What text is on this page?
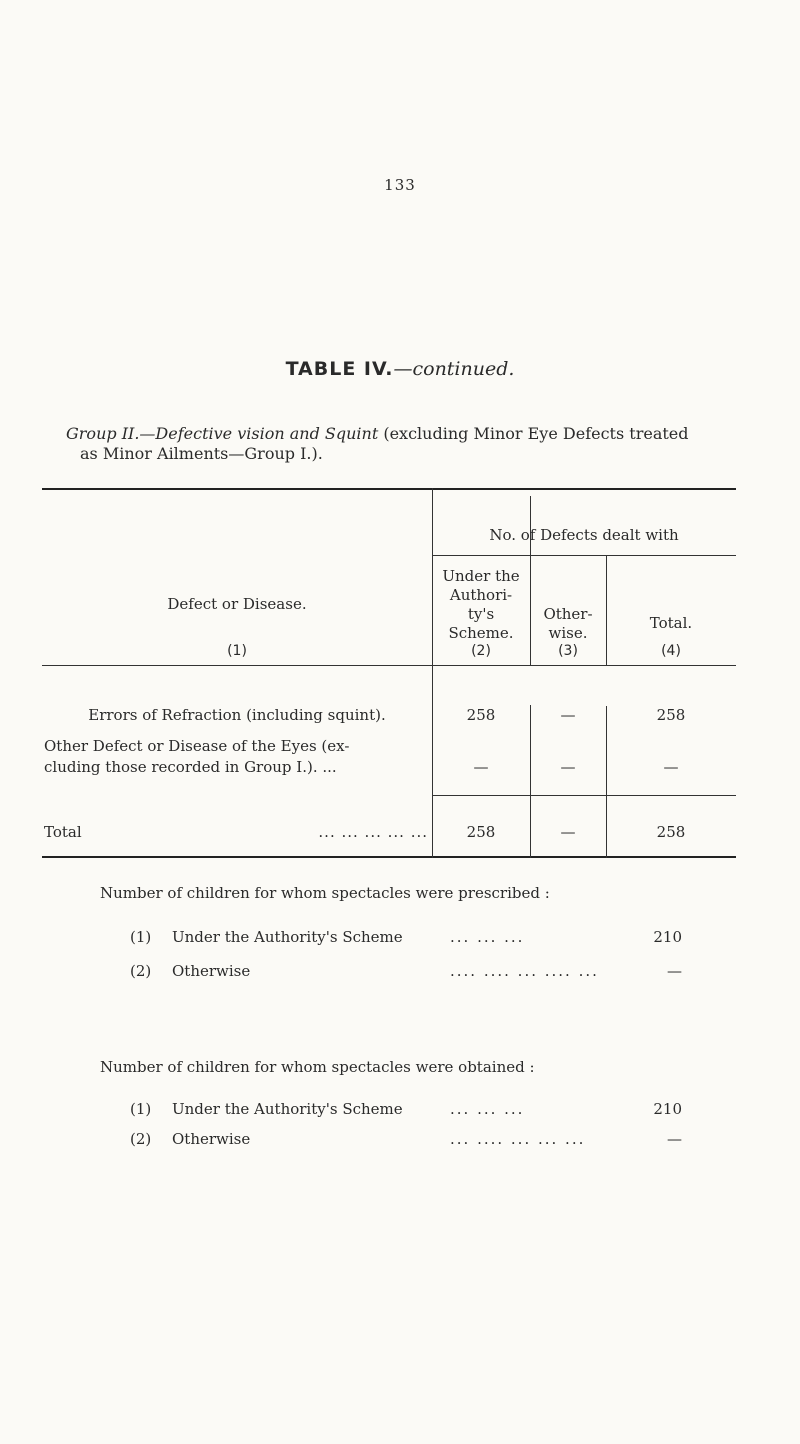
133
TABLE IV.—continued.
Group II.—Defective vision and Squint (excluding Minor Eye Defects treated
as Minor Ailments—Group I.).
No. of Defects dealt with
Defect or Disease.
(1)
Under the
Authori-
ty's
Scheme.
(2)
Other-
wise.
(3)
Total.
(4)
Errors of Refraction (including squint).	258	—	258
Other Defect or Disease of the Eyes (ex-
cluding those recorded in Group I.). ...	—	—	—
Total	... ... ... ... ...	258	—	258
Number of children for whom spectacles were prescribed :
(1) Under the Authority's Scheme	... ... ...	210
(2) Otherwise	.... .... ... .... ...	—
Number of children for whom spectacles were obtained :
(1) Under the Authority's Scheme	... ... ...	210
(2) Otherwise	... .... ... ... ...	—
